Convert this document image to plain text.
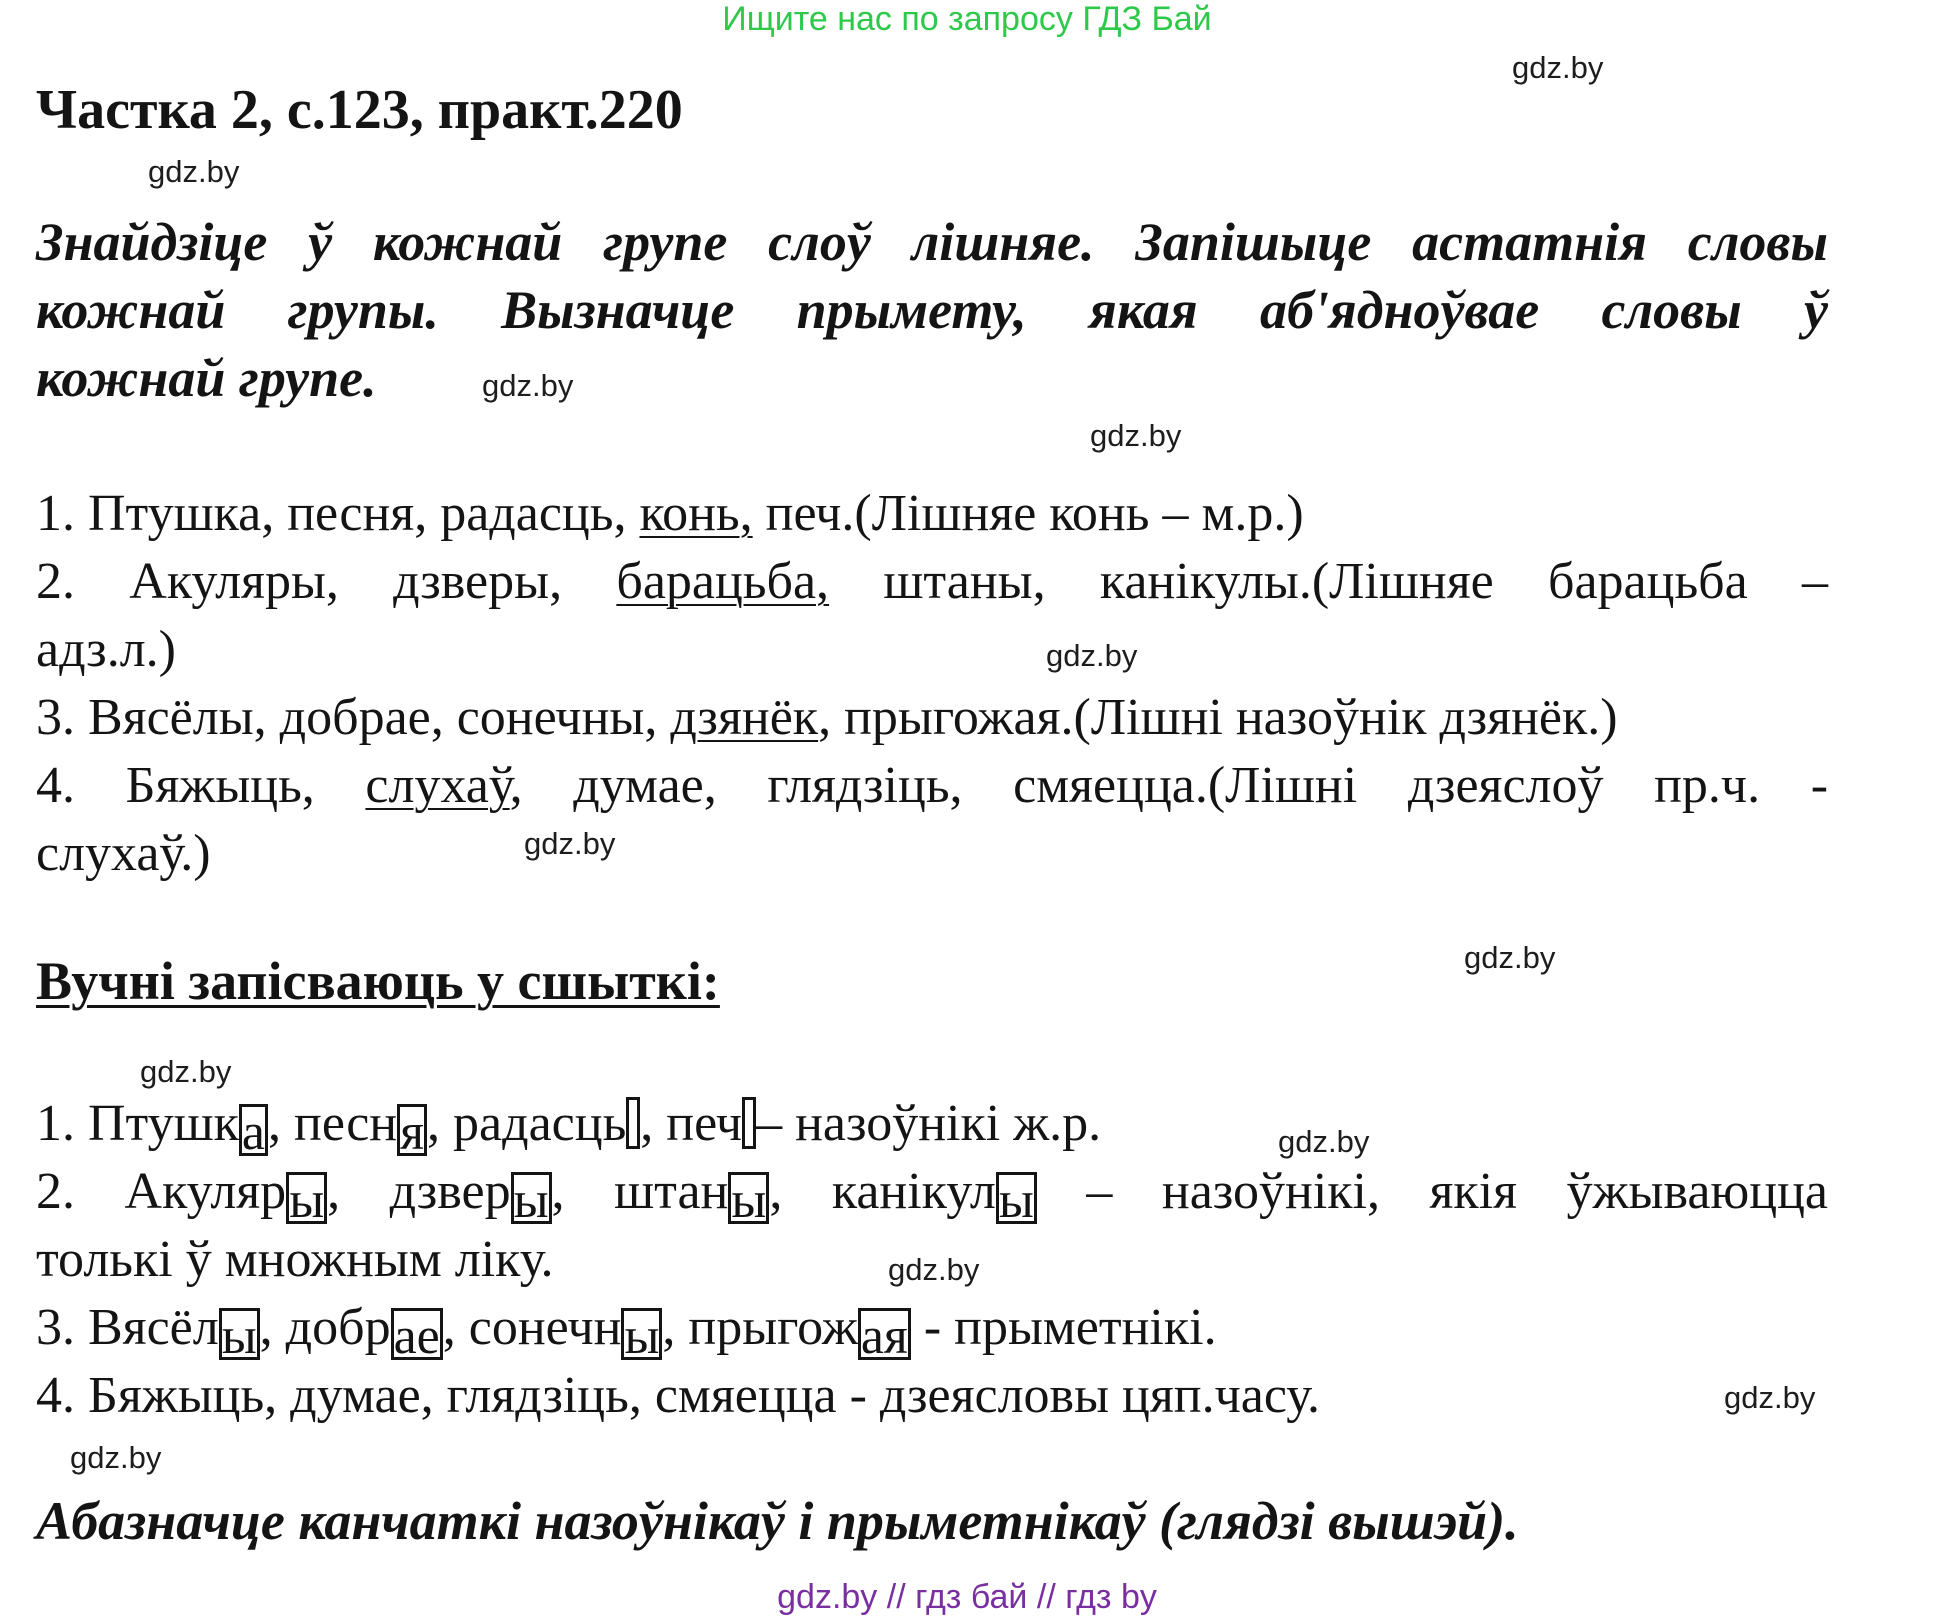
Ищите нас по запросу ГДЗ Бай
gdz.by
gdz.by
gdz.by
gdz.by
gdz.by
gdz.by
gdz.by
gdz.by
gdz.by
gdz.by
gdz.by
gdz.by
Частка 2, с.123, практ.220
Знайдзіце ў кожнай групе слоў лішняе. Запішыце астатнія словы
кожнай групы. Вызначце прымету, якая аб'ядноўвае словы ў
кожнай групе.
1. Птушка, песня, радасць, конь, печ.(Лішняе конь – м.р.)
2. Акуляры, дзверы, барацьба, штаны, канікулы.(Лішняе барацьба –
адз.л.)
3. Вясёлы, добрае, сонечны, дзянёк, прыгожая.(Лішні назоўнік дзянёк.)
4. Бяжыць, слухаў, думае, глядзіць, смяецца.(Лішні дзеяслоў пр.ч. -
слухаў.)
Вучні запісваюць у сшыткі:
1. Птушка, песня, радасць , печ – назоўнікі ж.р.
2. Акуляры, дзверы, штаны, канікулы – назоўнікі, якія ўжываюцца
толькі ў множным ліку.
3. Вясёлы, добрае, сонечны, прыгожая - прыметнікі.
4. Бяжыць, думае, глядзіць, смяецца - дзеясловы цяп.часу.
Абазначце канчаткі назоўнікаў і прыметнікаў (глядзі вышэй).
gdz.by // гдз бай // гдз by
